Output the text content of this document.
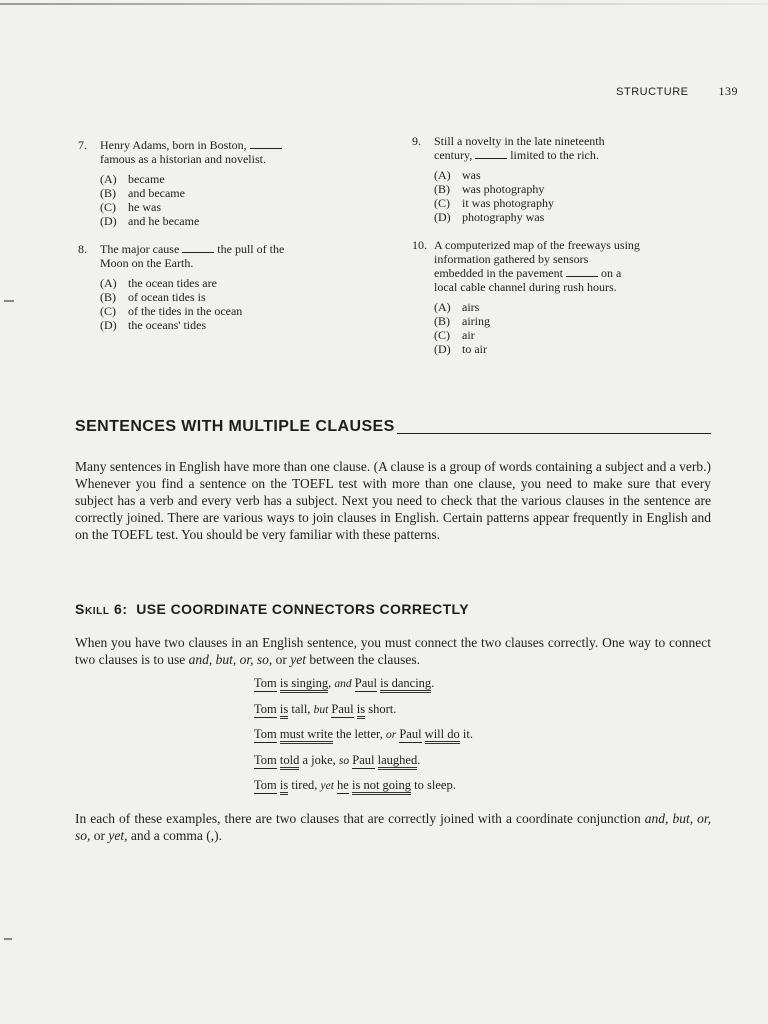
STRUCTURE	139
7.	Henry Adams, born in Boston,
famous as a historian and novelist.
(A) became
(B)	and became
(C)	he was
(D) and he became
8.	The major cause	the pull of the
Moon on the Earth.
(A) the ocean tides are
(B)	of ocean tides is
(C)	of the tides in the ocean
(D) the oceans' tides
9.	Still a novelty in the late nineteenth
century,	limited to the rich.
(A) was
(B)	was photography
(C)	it was photography
(D) photography was
10. A computerized map of the freeways using
information gathered by sensors
embedded in the pavement	on a
local cable channel during rush hours.
(A) airs
(B)	airing
(C)	air
(D) to air
SENTENCES WITH MULTIPLE CLAUSES
Many sentences in English have more than one clause. (A clause is a group of words containing a subject and a verb.) Whenever you find a sentence on the TOEFL test with more than one clause, you need to make sure that every subject has a verb and every verb has a subject. Next you need to check that the various clauses in the sentence are correctly joined. There are various ways to join clauses in English. Certain patterns appear frequently in English and on the TOEFL test. You should be very familiar with these patterns.
Skill 6: USE COORDINATE CONNECTORS CORRECTLY
When you have two clauses in an English sentence, you must connect the two clauses correctly. One way to connect two clauses is to use and, but, or, so, or yet between the clauses.
Tom is singing, and Paul is dancing.
Tom is tall, but Paul is short.
Tom must write the letter, or Paul will do it.
Tom told a joke, so Paul laughed.
Tom is tired, yet he is not going to sleep.
In each of these examples, there are two clauses that are correctly joined with a coordinate conjunction and, but, or, so, or yet, and a comma (,).
